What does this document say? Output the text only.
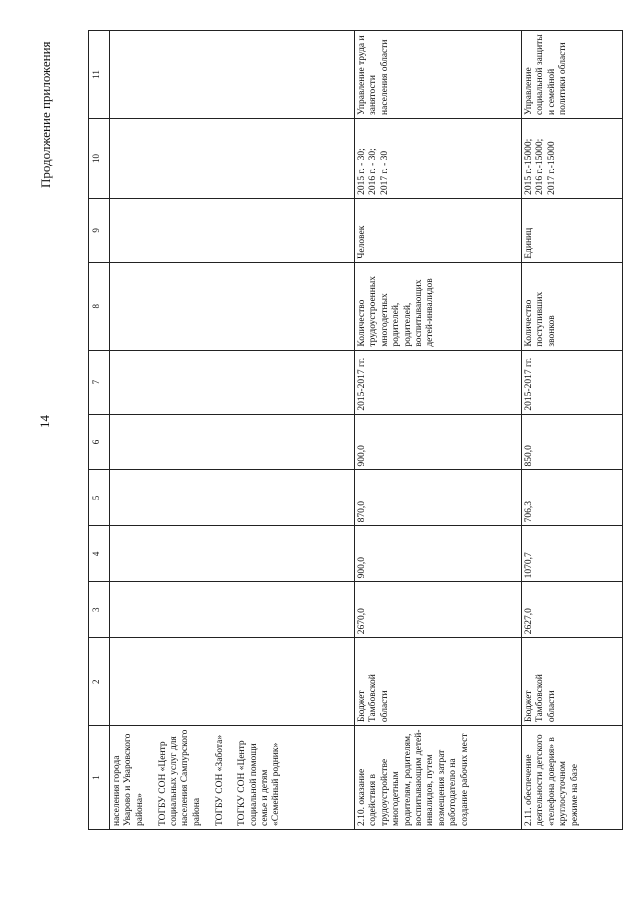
14
Продолжение приложения
1	2	3	4	5	6	7	8	9	10	11
населения города Уварово и Уваровского района»

ТОГБУ СОН «Центр социальных услуг для населения Сампурского района

ТОГБУ СОН «Забота»

ТОГКУ СОН «Центр социальной помощи семье и детям «Семейный родник»										
2.10. оказание содействия в трудоустройстве многодетным родителям, родителям, воспитывающим детей-инвалидов, путем возмещения затрат работодателю на создание рабочих мест	Бюджет Тамбовской области	2670,0	900,0	870,0	900,0	2015-2017 гг.	Количество трудоустроенных многодетных родителей, родителей, воспитывающих детей-инвалидов	Человек	2015 г. - 30;
2016 г. - 30;
2017 г. - 30	Управление труда и занятости населения области
2.11. обеспечение деятельности детского «телефона доверия» в круглосуточном режиме на базе	Бюджет Тамбовской области	2627,0	1070,7	706,3	850,0	2015-2017 гг.	Количество поступивших звонков	Единиц	2015 г.-15000;
2016 г.-15000;
2017 г.-15000	Управление социальной защиты и семейной политики области
